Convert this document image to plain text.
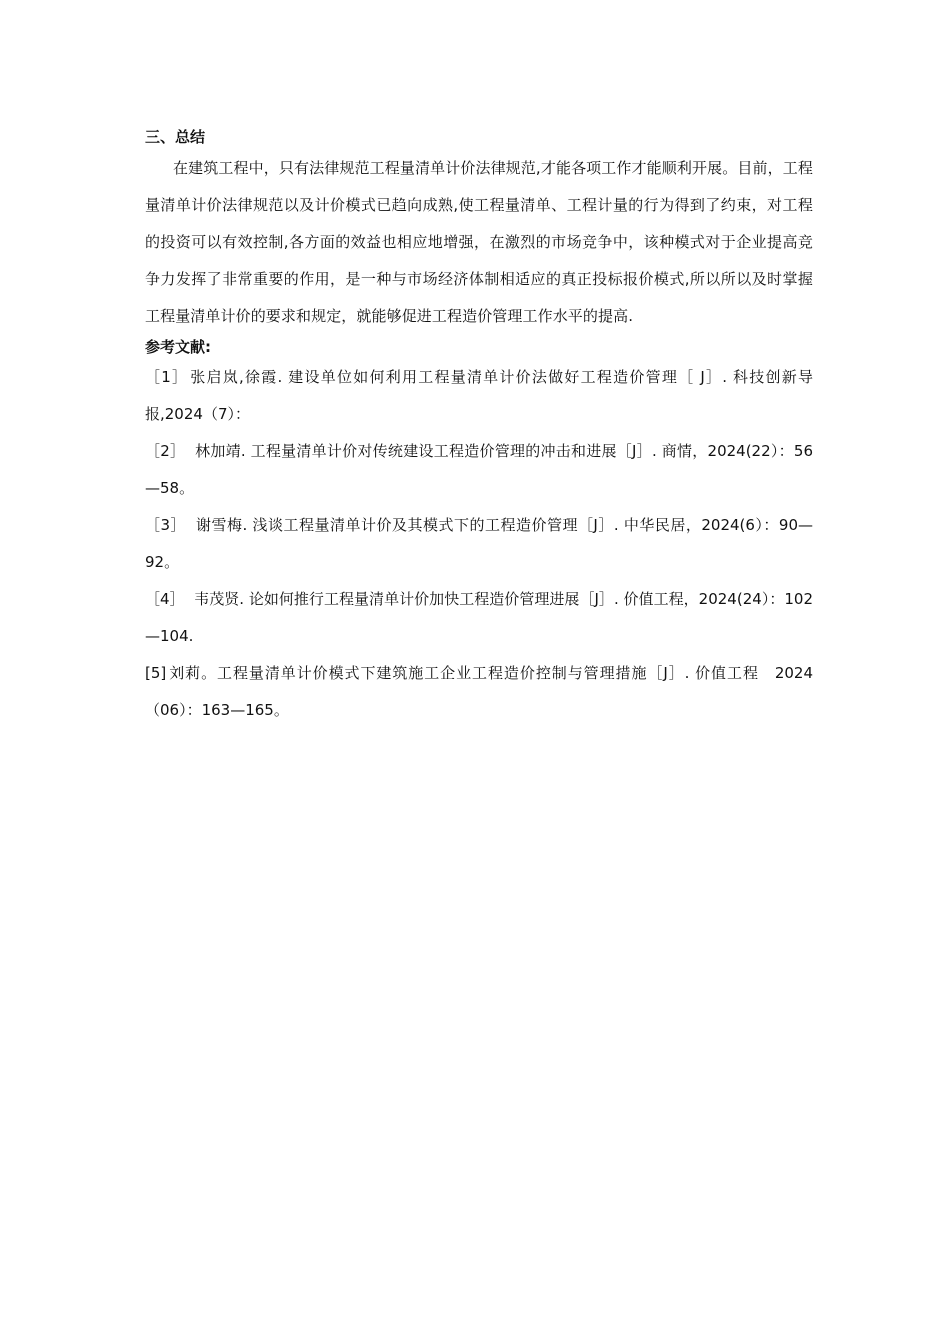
三、总结

在建筑工程中，只有法律规范工程量清单计价法律规范,才能各项工作才能顺利开展。目前，工程量清单计价法律规范以及计价模式已趋向成熟,使工程量清单、工程计量的行为得到了约束，对工程的投资可以有效控制,各方面的效益也相应地增强，在激烈的市场竞争中，该种模式对于企业提高竞争力发挥了非常重要的作用，是一种与市场经济体制相适应的真正投标报价模式,所以所以及时掌握工程量清单计价的要求和规定，就能够促进工程造价管理工作水平的提高.

参考文献:

［1］ 张启岚,徐霞. 建设单位如何利用工程量清单计价法做好工程造价管理［ J］. 科技创新导报,2024（7）：

［2］　林加靖. 工程量清单计价对传统建设工程造价管理的冲击和进展［J］. 商情，2024(22）：56—58。

［3］　谢雪梅. 浅谈工程量清单计价及其模式下的工程造价管理［J］. 中华民居，2024(6）：90—92。

［4］　韦茂贤. 论如何推行工程量清单计价加快工程造价管理进展［J］. 价值工程，2024(24）：102—104.

[5] 刘莉。工程量清单计价模式下建筑施工企业工程造价控制与管理措施［J］. 价值工程　2024（06）：163—165。
